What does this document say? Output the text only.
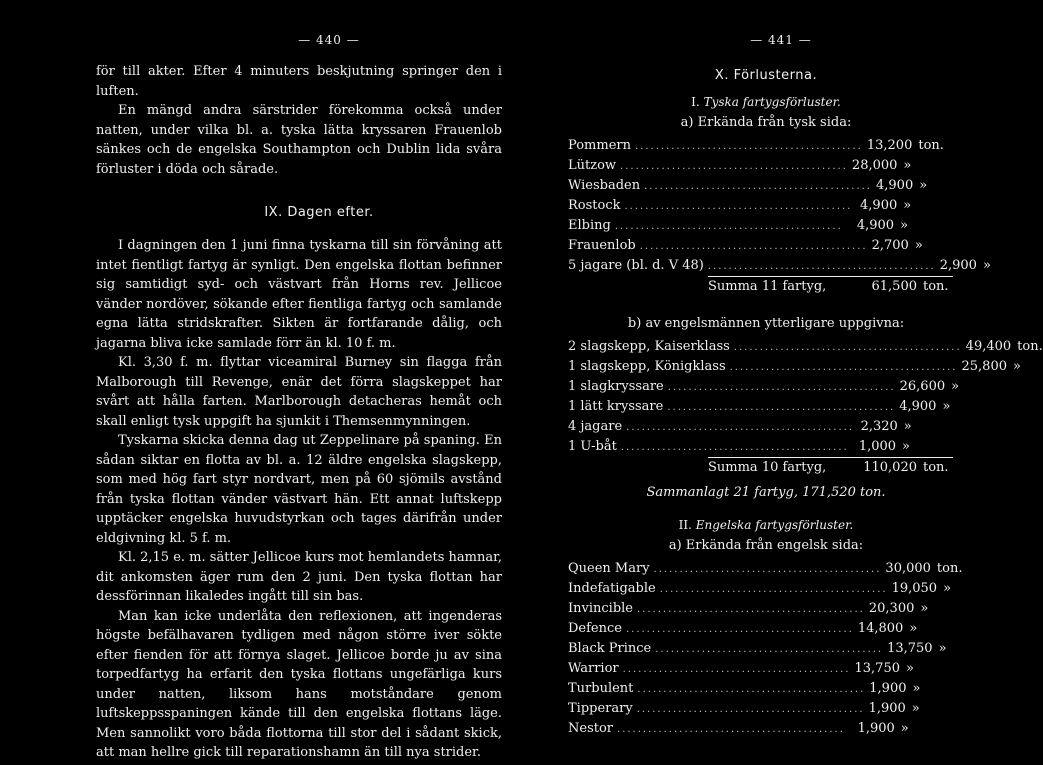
— 440 —

för till akter. Efter 4 minuters beskjutning springer den i luften.

En mängd andra särstrider förekomma också under natten, under vilka bl. a. tyska lätta kryssaren Frauenlob sänkes och de engelska Southampton och Dublin lida svåra förluster i döda och sårade.

IX. Dagen efter.

I dagningen den 1 juni finna tyskarna till sin förvåning att intet fientligt fartyg är synligt. Den engelska flottan befinner sig samtidigt syd- och västvart från Horns rev. Jellicoe vänder nordöver, sökande efter fientliga fartyg och samlande egna lätta stridskrafter. Sikten är fortfarande dålig, och jagarna bliva icke samlade förr än kl. 10 f. m.

Kl. 3,30 f. m. flyttar viceamiral Burney sin flagga från Malborough till Revenge, enär det förra slagskeppet har svårt att hålla farten. Marlborough detacheras hemåt och skall enligt tysk uppgift ha sjunkit i Themsenmynningen.

Tyskarna skicka denna dag ut Zeppelinare på spaning. En sådan siktar en flotta av bl. a. 12 äldre engelska slagskepp, som med hög fart styr nordvart, men på 60 sjömils avstånd från tyska flottan vänder västvart hän. Ett annat luftskepp upptäcker engelska huvudstyrkan och tages därifrån under eldgivning kl. 5 f. m.

Kl. 2,15 e. m. sätter Jellicoe kurs mot hemlandets hamnar, dit ankomsten äger rum den 2 juni. Den tyska flottan har dessförinnan likaledes ingått till sin bas.

Man kan icke underlåta den reflexionen, att ingenderas högste befälhavaren tydligen med någon större iver sökte efter fienden för att förnya slaget. Jellicoe borde ju av sina torpedfartyg ha erfarit den tyska flottans ungefärliga kurs under natten, liksom hans motståndare genom luftskeppsspaningen kände till den engelska flottans läge. Men sannolikt voro båda flottorna till stor del i sådant skick, att man hellre gick till reparationshamn än till nya strider.

— 441 —
X. Förlusterna.
I. Tyska fartygsförluster.
a) Erkända från tysk sida:
Pommern ............................................ 13,200 ton.
Lützow ............................................ 28,000 »
Wiesbaden ............................................ 4,900 »
Rostock ............................................ 4,900 »
Elbing ............................................	4,900 »
Frauenlob ............................................ 2,700 »
5 jagare (bl. d. V 48) ............................................ 2,900 »
Summa 11 fartyg,	61,500 ton.
b) av engelsmännen ytterligare uppgivna:
2 slagskepp, Kaiserklass ............................................ 49,400 ton.
1 slagskepp, Königklass ............................................ 25,800 »
1 slagkryssare ............................................ 26,600 »
1 lätt kryssare ............................................ 4,900 »
4 jagare ............................................ 2,320 »
1 U-båt ............................................ 1,000 »
Summa 10 fartyg,	110,020 ton.
Sammanlagt 21 fartyg, 171,520 ton.
II. Engelska fartygsförluster.
a) Erkända från engelsk sida:
Queen Mary ............................................ 30,000 ton.
Indefatigable ............................................ 19,050 »
Invincible ............................................ 20,300 »
Defence ............................................ 14,800 »
Black Prince ............................................ 13,750 »
Warrior ............................................ 13,750 »
Turbulent ............................................ 1,900 »
Tipperary ............................................ 1,900 »
Nestor ............................................ 1,900 »
